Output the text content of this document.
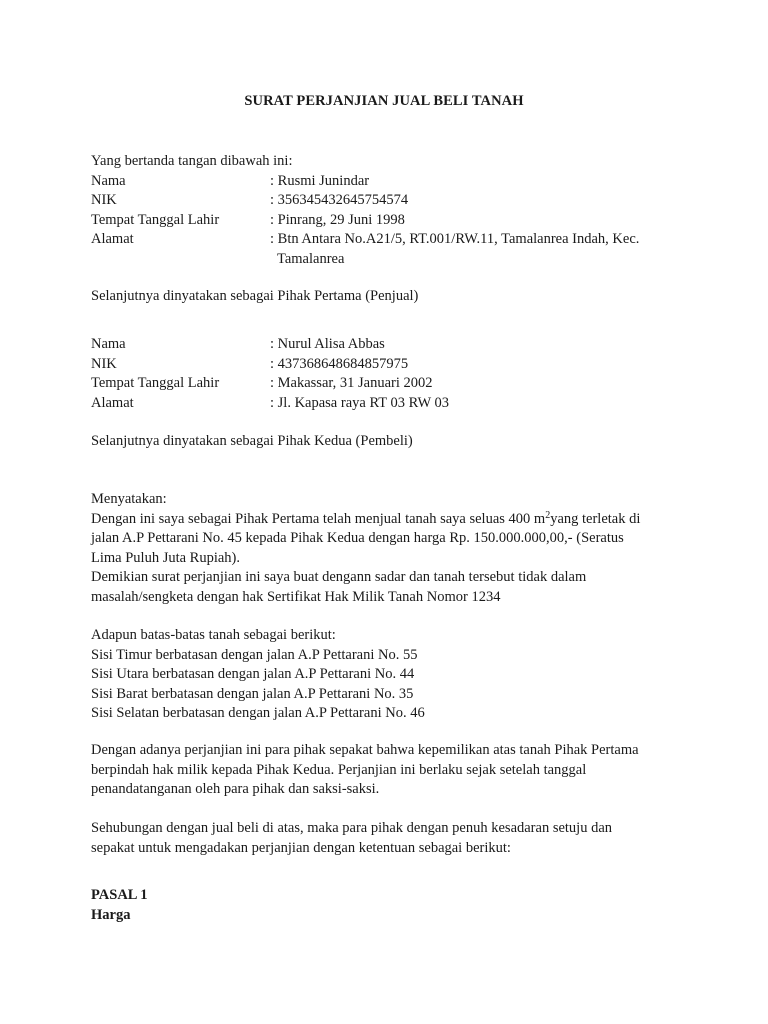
SURAT PERJANJIAN JUAL BELI TANAH
Yang bertanda tangan dibawah ini:
Nama	: Rusmi Junindar
NIK	: 356345432645754574
Tempat Tanggal Lahir	: Pinrang, 29 Juni 1998
Alamat	: Btn Antara No.A21/5, RT.001/RW.11, Tamalanrea Indah, Kec.
Tamalanrea

Selanjutnya dinyatakan sebagai Pihak Pertama (Penjual)

Nama	: Nurul Alisa Abbas
NIK	: 437368648684857975
Tempat Tanggal Lahir	: Makassar, 31 Januari 2002
Alamat	: Jl. Kapasa raya RT 03 RW 03

Selanjutnya dinyatakan sebagai Pihak Kedua (Pembeli)

Menyatakan:

Dengan ini saya sebagai Pihak Pertama telah menjual tanah saya seluas 400 $m^2yang$ terletak di

jalan A.P Pettarani No. 45 kepada Pihak Kedua dengan harga Rp. 150.000.000,00,- (Seratus

Lima Puluh Juta Rupiah).

Demikian surat perjanjian ini saya buat dengann sadar dan tanah tersebut tidak dalam

masalah/sengketa dengan hak Sertifikat Hak Milik Tanah Nomor 1234

Adapun batas-batas tanah sebagai berikut:

Sisi Timur berbatasan dengan jalan A.P Pettarani No. 55

Sisi Utara berbatasan dengan jalan A.P Pettarani No. 44

Sisi Barat berbatasan dengan jalan A.P Pettarani No. 35

Sisi Selatan berbatasan dengan jalan A.P Pettarani No. 46

Dengan adanya perjanjian ini para pihak sepakat bahwa kepemilikan atas tanah Pihak Pertama

berpindah hak milik kepada Pihak Kedua. Perjanjian ini berlaku sejak setelah tanggal

penandatanganan oleh para pihak dan saksi-saksi.

Sehubungan dengan jual beli di atas, maka para pihak dengan penuh kesadaran setuju dan

sepakat untuk mengadakan perjanjian dengan ketentuan sebagai berikut:

PASAL 1

Harga
